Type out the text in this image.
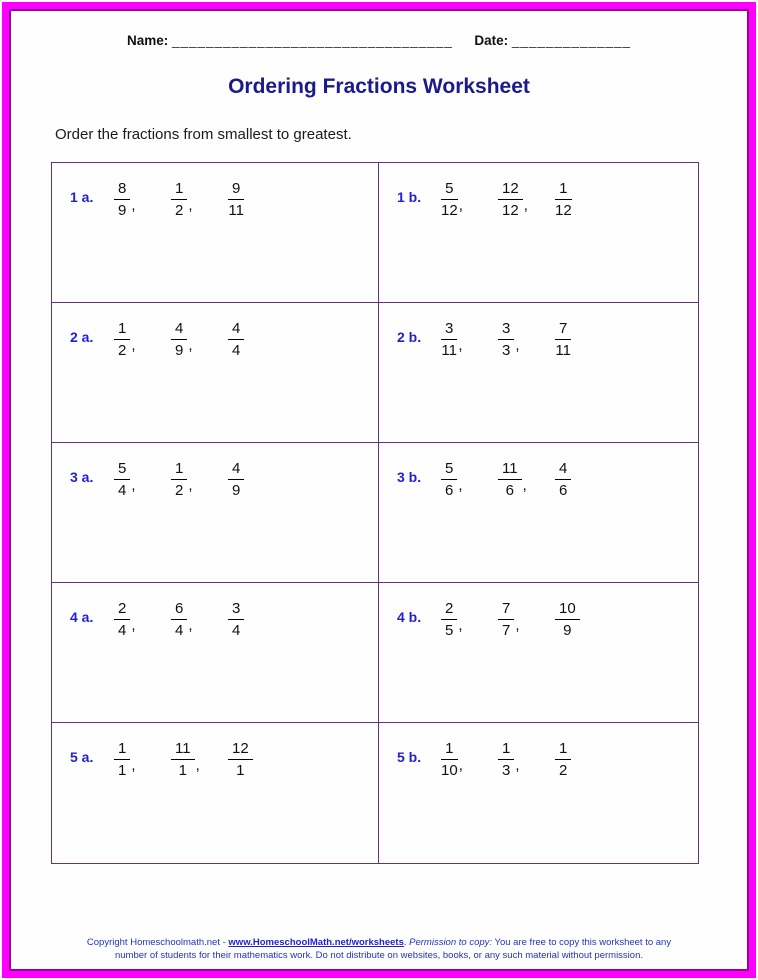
Name: _________________________________ Date: ______________
Ordering Fractions Worksheet
Order the fractions from smallest to greatest.
1 a.	$\frac{8}{9}$ , $\frac{1}{2}$ , $\frac{9}{11}$	1 b.	$\frac{5}{12}$ , $\frac{12}{12}$ , $\frac{1}{12}$
2 a.	$\frac{1}{2}$ , $\frac{4}{9}$ , $\frac{4}{4}$	2 b.	$\frac{3}{11}$ , $\frac{3}{3}$ , $\frac{7}{11}$
3 a.	$\frac{5}{4}$ , $\frac{1}{2}$ , $\frac{4}{9}$	3 b.	$\frac{5}{6}$ , $\frac{11}{6}$ , $\frac{4}{6}$
4 a.	$\frac{2}{4}$ , $\frac{6}{4}$ , $\frac{3}{4}$	4 b.	$\frac{2}{5}$ , $\frac{7}{7}$ , $\frac{10}{9}$
5 a.	$\frac{1}{1}$ , $\frac{11}{1}$ , $\frac{12}{1}$	5 b.	$\frac{1}{10}$ , $\frac{1}{3}$ , $\frac{1}{2}$
Copyright Homeschoolmath.net - www.HomeschoolMath.net/worksheets. Permission to copy: You are free to copy this worksheet to any
number of students for their mathematics work. Do not distribute on websites, books, or any such material without permission.
